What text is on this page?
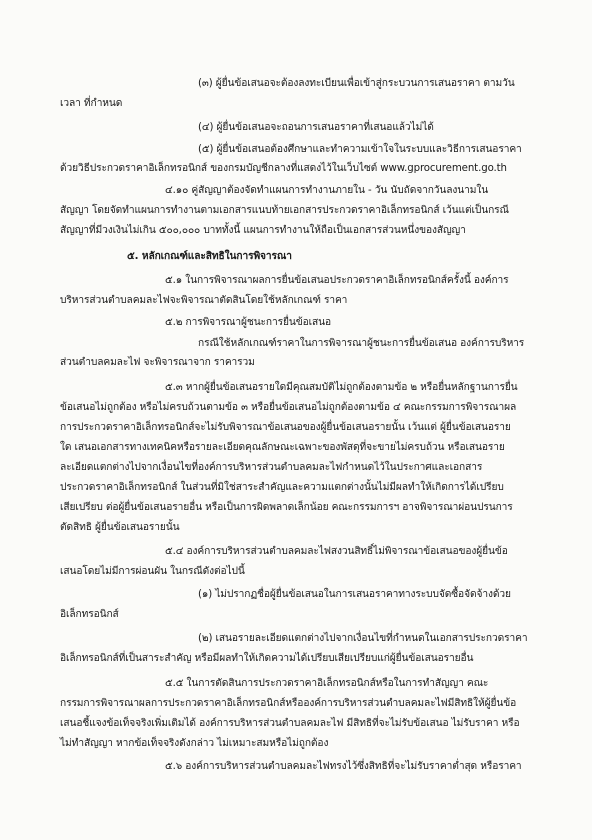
(๓) ผู้ยื่นข้อเสนอจะต้องลงทะเบียนเพื่อเข้าสู่กระบวนการเสนอราคา ตามวัน
เวลา ที่กำหนด
(๔) ผู้ยื่นข้อเสนอจะถอนการเสนอราคาที่เสนอแล้วไม่ได้
(๕) ผู้ยื่นข้อเสนอต้องศึกษาและทำความเข้าใจในระบบและวิธีการเสนอราคา
ด้วยวิธีประกวดราคาอิเล็กทรอนิกส์ ของกรมบัญชีกลางที่แสดงไว้ในเว็บไซต์ www.gprocurement.go.th
๔.๑๐ คู่สัญญาต้องจัดทำแผนการทำงานภายใน - วัน นับถัดจากวันลงนามใน
สัญญา โดยจัดทำแผนการทำงานตามเอกสารแนบท้ายเอกสารประกวดราคาอิเล็กทรอนิกส์ เว้นแต่เป็นกรณี
สัญญาที่มีวงเงินไม่เกิน ๕๐๐,๐๐๐ บาททั้งนี้ แผนการทำงานให้ถือเป็นเอกสารส่วนหนึ่งของสัญญา
๕. หลักเกณฑ์และสิทธิในการพิจารณา
๕.๑ ในการพิจารณาผลการยื่นข้อเสนอประกวดราคาอิเล็กทรอนิกส์ครั้งนี้ องค์การ
บริหารส่วนตำบลคมละไฟจะพิจารณาตัดสินโดยใช้หลักเกณฑ์ ราคา
๕.๒ การพิจารณาผู้ชนะการยื่นข้อเสนอ
กรณีใช้หลักเกณฑ์ราคาในการพิจารณาผู้ชนะการยื่นข้อเสนอ องค์การบริหาร
ส่วนตำบลคมละไฟ จะพิจารณาจาก ราคารวม
๕.๓ หากผู้ยื่นข้อเสนอรายใดมีคุณสมบัติไม่ถูกต้องตามข้อ ๒ หรือยื่นหลักฐานการยื่น
ข้อเสนอไม่ถูกต้อง หรือไม่ครบถ้วนตามข้อ ๓ หรือยื่นข้อเสนอไม่ถูกต้องตามข้อ ๔ คณะกรรมการพิจารณาผล
การประกวดราคาอิเล็กทรอนิกส์จะไม่รับพิจารณาข้อเสนอของผู้ยื่นข้อเสนอรายนั้น เว้นแต่ ผู้ยื่นข้อเสนอราย
ใด เสนอเอกสารทางเทคนิคหรือรายละเอียดคุณลักษณะเฉพาะของพัสดุที่จะขายไม่ครบถ้วน หรือเสนอราย
ละเอียดแตกต่างไปจากเงื่อนไขที่องค์การบริหารส่วนตำบลคมละไฟกำหนดไว้ในประกาศและเอกสาร
ประกวดราคาอิเล็กทรอนิกส์ ในส่วนที่มิใช่สาระสำคัญและความแตกต่างนั้นไม่มีผลทำให้เกิดการได้เปรียบ
เสียเปรียบ ต่อผู้ยื่นข้อเสนอรายอื่น หรือเป็นการผิดพลาดเล็กน้อย คณะกรรมการฯ อาจพิจารณาผ่อนปรนการ
ตัดสิทธิ ผู้ยื่นข้อเสนอรายนั้น
๕.๔ องค์การบริหารส่วนตำบลคมละไฟสงวนสิทธิ์ไม่พิจารณาข้อเสนอของผู้ยื่นข้อ
เสนอโดยไม่มีการผ่อนผัน ในกรณีดังต่อไปนี้
(๑) ไม่ปรากฏชื่อผู้ยื่นข้อเสนอในการเสนอราคาทางระบบจัดซื้อจัดจ้างด้วย
อิเล็กทรอนิกส์
(๒) เสนอรายละเอียดแตกต่างไปจากเงื่อนไขที่กำหนดในเอกสารประกวดราคา
อิเล็กทรอนิกส์ที่เป็นสาระสำคัญ หรือมีผลทำให้เกิดความได้เปรียบเสียเปรียบแก่ผู้ยื่นข้อเสนอรายอื่น
๕.๕ ในการตัดสินการประกวดราคาอิเล็กทรอนิกส์หรือในการทำสัญญา คณะ
กรรมการพิจารณาผลการประกวดราคาอิเล็กทรอนิกส์หรือองค์การบริหารส่วนตำบลคมละไฟมีสิทธิให้ผู้ยื่นข้อ
เสนอชี้แจงข้อเท็จจริงเพิ่มเติมได้ องค์การบริหารส่วนตำบลคมละไฟ มีสิทธิที่จะไม่รับข้อเสนอ ไม่รับราคา หรือ
ไม่ทำสัญญา หากข้อเท็จจริงดังกล่าว ไม่เหมาะสมหรือไม่ถูกต้อง
๕.๖ องค์การบริหารส่วนตำบลคมละไฟทรงไว้ซึ่งสิทธิที่จะไม่รับราคาต่ำสุด หรือราคา
